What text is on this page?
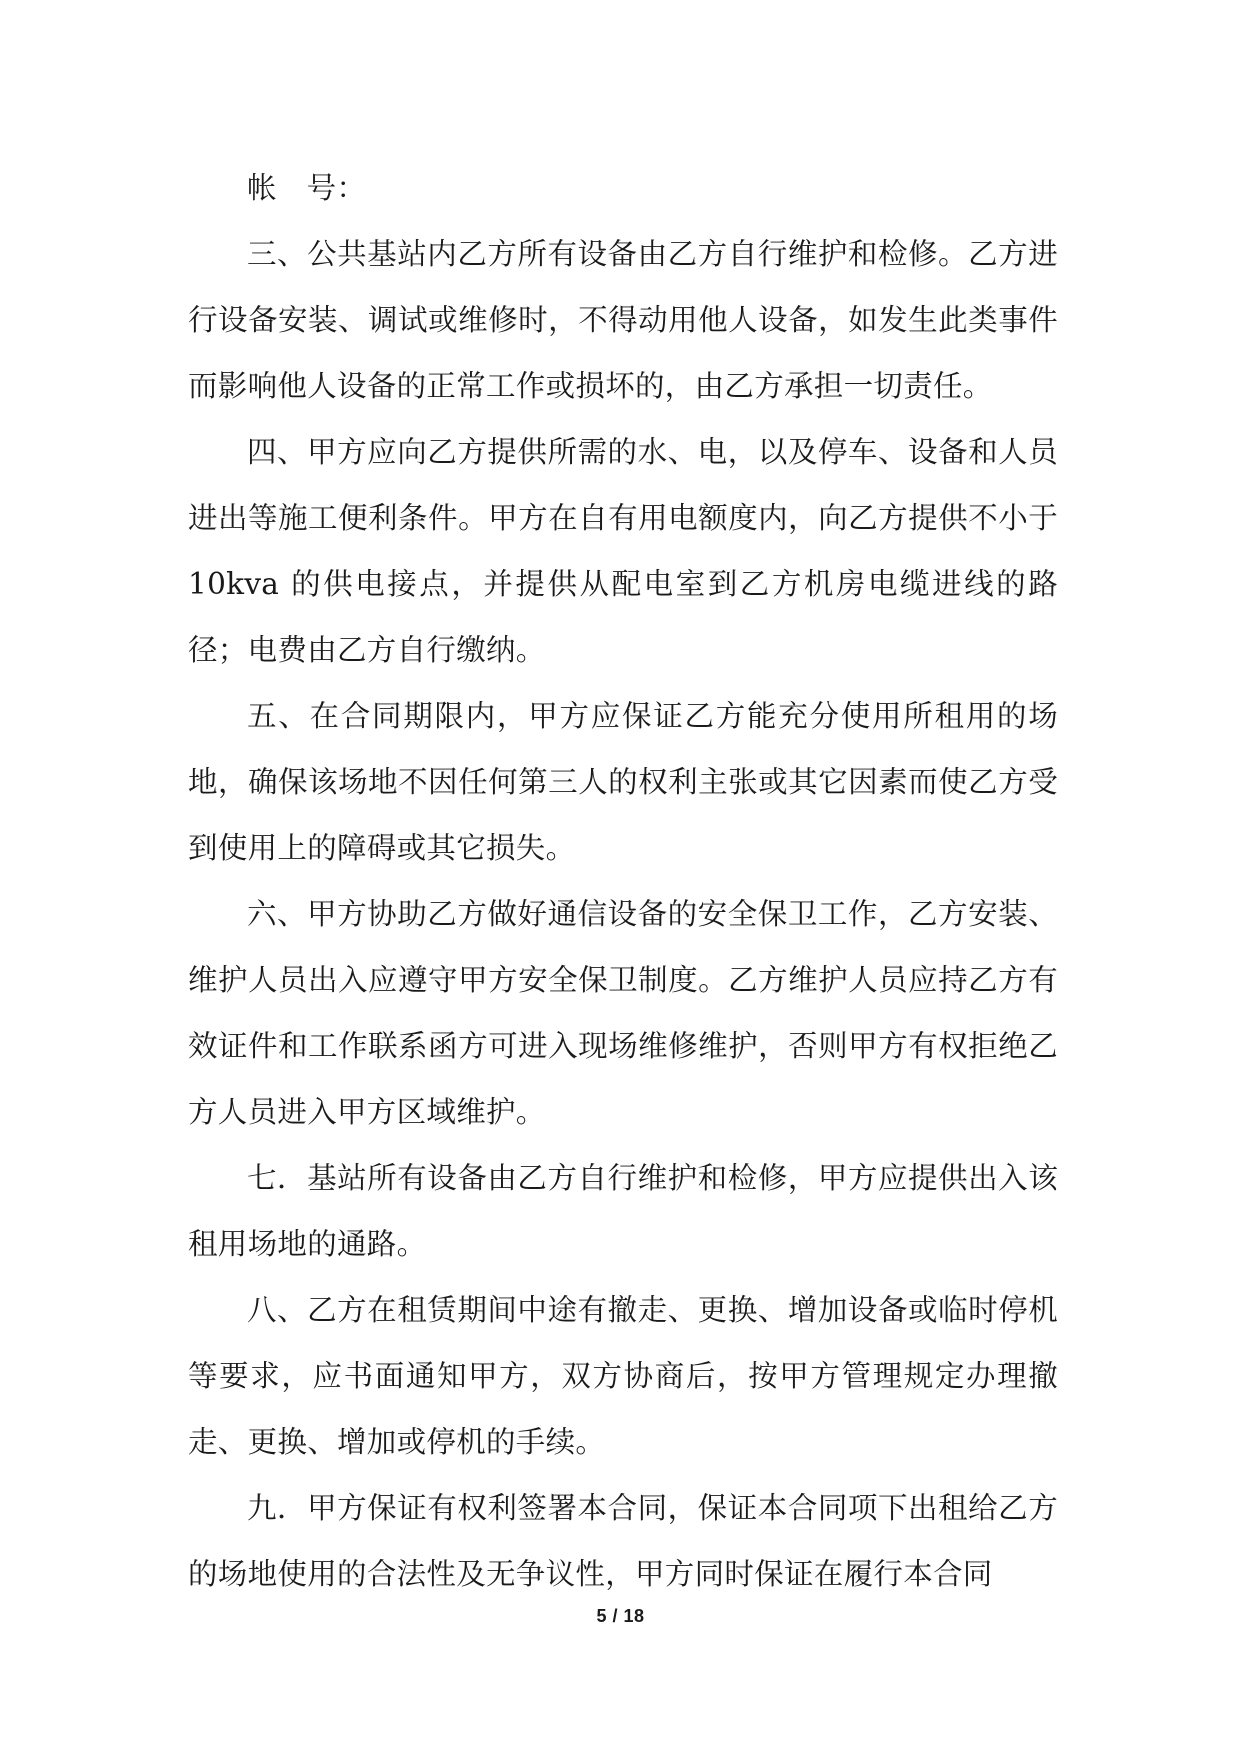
帐　号：

三、公共基站内乙方所有设备由乙方自行维护和检修。乙方进行设备安装、调试或维修时，不得动用他人设备，如发生此类事件而影响他人设备的正常工作或损坏的，由乙方承担一切责任。

四、甲方应向乙方提供所需的水、电，以及停车、设备和人员进出等施工便利条件。甲方在自有用电额度内，向乙方提供不小于 10kva 的供电接点，并提供从配电室到乙方机房电缆进线的路径；电费由乙方自行缴纳。

五、在合同期限内，甲方应保证乙方能充分使用所租用的场地，确保该场地不因任何第三人的权利主张或其它因素而使乙方受到使用上的障碍或其它损失。

六、甲方协助乙方做好通信设备的安全保卫工作，乙方安装、维护人员出入应遵守甲方安全保卫制度。乙方维护人员应持乙方有效证件和工作联系函方可进入现场维修维护，否则甲方有权拒绝乙方人员进入甲方区域维护。

七．基站所有设备由乙方自行维护和检修，甲方应提供出入该租用场地的通路。

八、乙方在租赁期间中途有撤走、更换、增加设备或临时停机等要求，应书面通知甲方，双方协商后，按甲方管理规定办理撤走、更换、增加或停机的手续。

九．甲方保证有权利签署本合同，保证本合同项下出租给乙方的场地使用的合法性及无争议性，甲方同时保证在履行本合同

5 / 18
